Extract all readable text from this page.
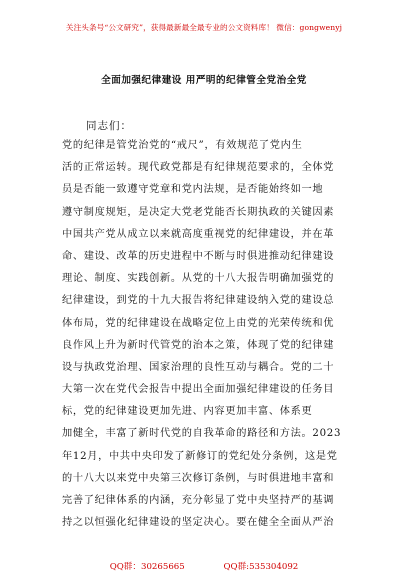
关注头条号“公文研究”，获得最新最全最专业的公文资料库！ 微信：gongwenyj
全面加强纪律建设 用严明的纪律管全党治全党
同志们：
党的纪律是管党治党的“戒尺”，有效规范了党内生
活的正常运转。现代政党都是有纪律规范要求的，全体党
员是否能一致遵守党章和党内法规，是否能始终如一地
遵守制度规矩，是决定大党老党能否长期执政的关键因素
中国共产党从成立以来就高度重视党的纪律建设，并在革
命、建设、改革的历史进程中不断与时俱进推动纪律建设
理论、制度、实践创新。从党的十八大报告明确加强党的
纪律建设，到党的十九大报告将纪律建设纳入党的建设总
体布局，党的纪律建设在战略定位上由党的光荣传统和优
良作风上升为新时代管党的治本之策，体现了党的纪律建
设与执政党治理、国家治理的良性互动与耦合。党的二十
大第一次在党代会报告中提出全面加强纪律建设的任务目
标，党的纪律建设更加先进、内容更加丰富、体系更
加健全，丰富了新时代党的自我革命的路径和方法。2023
年12月，中共中央印发了新修订的党纪处分条例，这是党
的十八大以来党中央第三次修订条例，与时俱进地丰富和
完善了纪律体系的内涵，充分彰显了党中央坚持严的基调
持之以恒强化纪律建设的坚定决心。要在健全全面从严治
QQ群：30265665	QQ群:535304092
